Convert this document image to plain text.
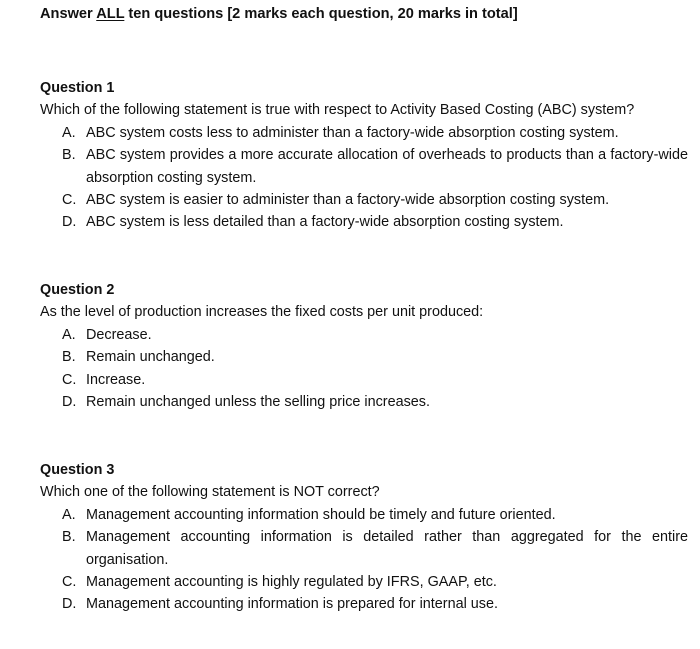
Answer ALL ten questions [2 marks each question, 20 marks in total]

Question 1

Which of the following statement is true with respect to Activity Based Costing (ABC) system?

A. ABC system costs less to administer than a factory-wide absorption costing system.
B. ABC system provides a more accurate allocation of overheads to products than a factory-wide absorption costing system.
C. ABC system is easier to administer than a factory-wide absorption costing system.
D. ABC system is less detailed than a factory-wide absorption costing system.

Question 2

As the level of production increases the fixed costs per unit produced:

A. Decrease.
B. Remain unchanged.
C. Increase.
D. Remain unchanged unless the selling price increases.

Question 3

Which one of the following statement is NOT correct?

A. Management accounting information should be timely and future oriented.
B. Management accounting information is detailed rather than aggregated for the entire organisation.
C. Management accounting is highly regulated by IFRS, GAAP, etc.
D. Management accounting information is prepared for internal use.
